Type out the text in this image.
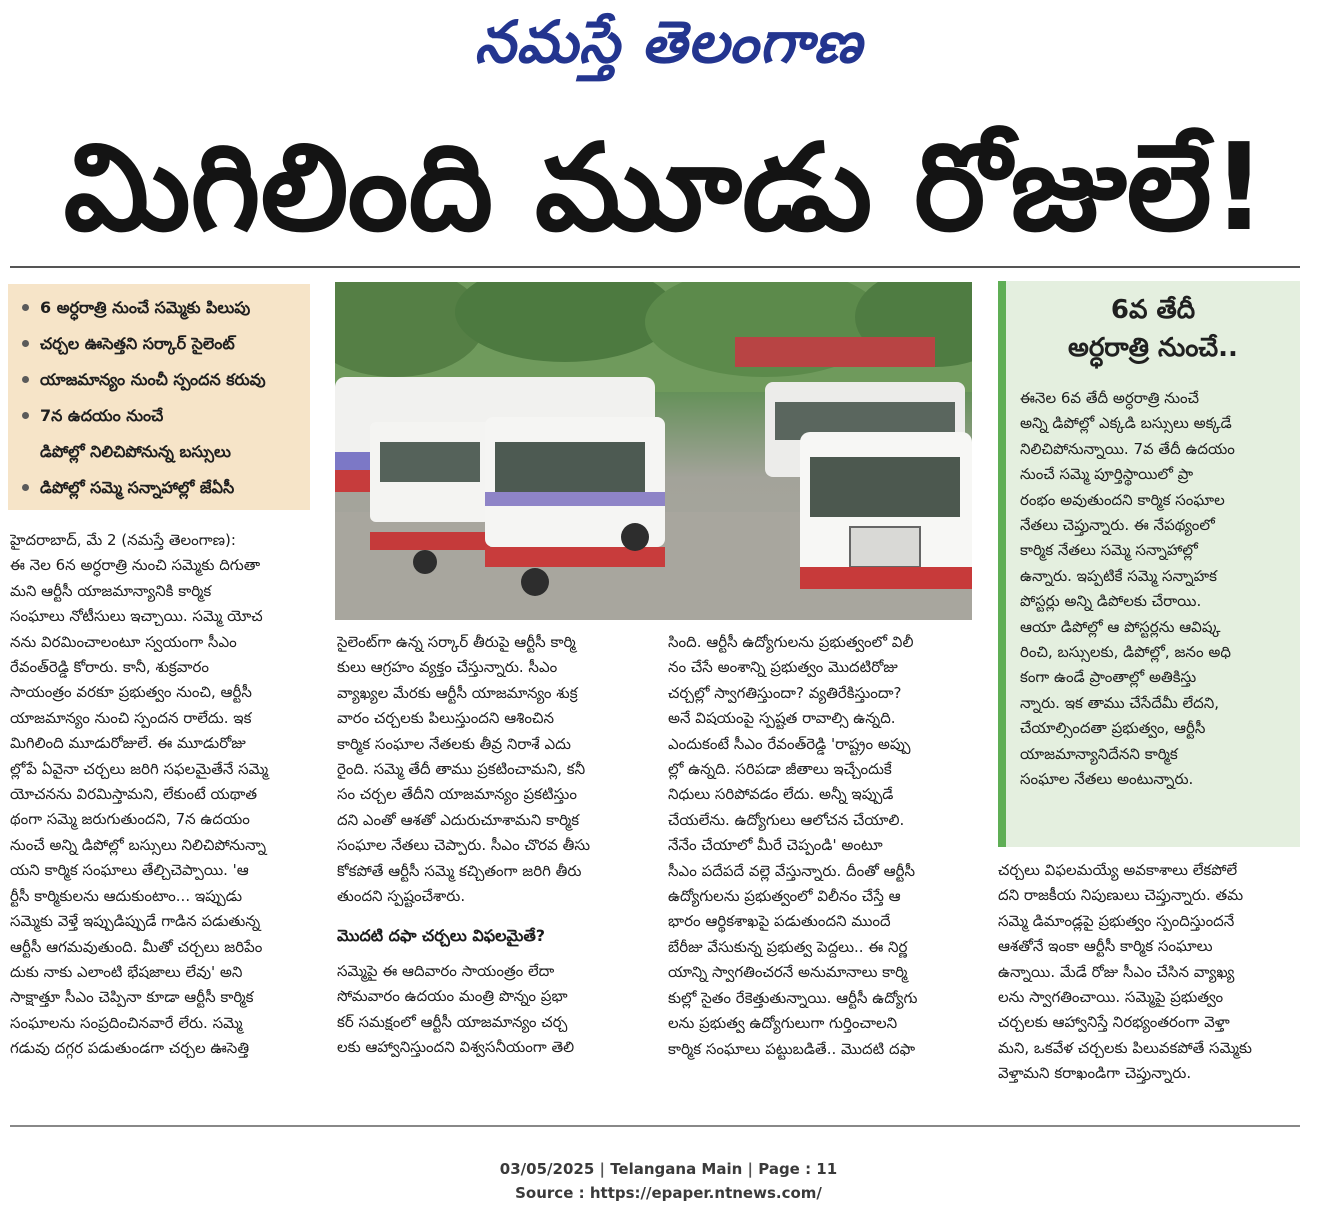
నమస్తే తెలంగాణ
మిగిలింది మూడు రోజులే!
6 అర్ధరాత్రి నుంచే సమ్మెకు పిలుపు
చర్చల ఊసెత్తని సర్కార్ సైలెంట్
యాజమాన్యం నుంచీ స్పందన కరువు
7న ఉదయం నుంచే
డిపోల్లో నిలిచిపోనున్న బస్సులు
డిపోల్లో సమ్మె సన్నాహాల్లో జేఏసీ

హైదరాబాద్, మే 2 (నమస్తే తెలంగాణ):

ఈ నెల 6న అర్ధరాత్రి నుంచి సమ్మెకు దిగుతా

మని ఆర్టీసీ యాజమాన్యానికి కార్మిక

సంఘాలు నోటీసులు ఇచ్చాయి. సమ్మె యోచ

నను విరమించాలంటూ స్వయంగా సీఎం

రేవంత్‌రెడ్డి కోరారు. కానీ, శుక్రవారం

సాయంత్రం వరకూ ప్రభుత్వం నుంచి, ఆర్టీసీ

యాజమాన్యం నుంచి స్పందన రాలేదు. ఇక

మిగిలింది మూడురోజులే. ఈ మూడురోజు

ల్లోపే ఏవైనా చర్చలు జరిగి సఫలమైతేనే సమ్మె

యోచనను విరమిస్తామని, లేకుంటే యథాత

థంగా సమ్మె జరుగుతుందని, 7న ఉదయం

నుంచే అన్ని డిపోల్లో బస్సులు నిలిచిపోనున్నా

యని కార్మిక సంఘాలు తేల్చిచెప్పాయి. 'ఆ

ర్టీసీ కార్మికులను ఆదుకుంటాం... ఇప్పుడు

సమ్మెకు వెళ్తే ఇప్పుడిప్పుడే గాడిన పడుతున్న

ఆర్టీసీ ఆగమవుతుంది. మీతో చర్చలు జరిపేం

దుకు నాకు ఎలాంటి భేషజాలు లేవు' అని

సాక్షాత్తూ సీఎం చెప్పినా కూడా ఆర్టీసీ కార్మిక

సంఘాలను సంప్రదించినవారే లేరు. సమ్మె

గడువు దగ్గర పడుతుండగా చర్చల ఊసెత్తి

సైలెంట్‌గా ఉన్న సర్కార్ తీరుపై ఆర్టీసీ కార్మి

కులు ఆగ్రహం వ్యక్తం చేస్తున్నారు. సీఎం

వ్యాఖ్యల మేరకు ఆర్టీసీ యాజమాన్యం శుక్ర

వారం చర్చలకు పిలుస్తుందని ఆశించిన

కార్మిక సంఘాల నేతలకు తీవ్ర నిరాశే ఎదు

రైంది. సమ్మె తేదీ తాము ప్రకటించామని, కనీ

సం చర్చల తేదీని యాజమాన్యం ప్రకటిస్తుం

దని ఎంతో ఆశతో ఎదురుచూశామని కార్మిక

సంఘాల నేతలు చెప్పారు. సీఎం చొరవ తీసు

కోకపోతే ఆర్టీసీ సమ్మె కచ్చితంగా జరిగి తీరు

తుందని స్పష్టంచేశారు.

మొదటి దఫా చర్చలు విఫలమైతే?

సమ్మెపై ఈ ఆదివారం సాయంత్రం లేదా

సోమవారం ఉదయం మంత్రి పొన్నం ప్రభా

కర్ సమక్షంలో ఆర్టీసీ యాజమాన్యం చర్చ

లకు ఆహ్వానిస్తుందని విశ్వసనీయంగా తెలి

సింది. ఆర్టీసీ ఉద్యోగులను ప్రభుత్వంలో విలీ

నం చేసే అంశాన్ని ప్రభుత్వం మొదటిరోజు

చర్చల్లో స్వాగతిస్తుందా? వ్యతిరేకిస్తుందా?

అనే విషయంపై స్పష్టత రావాల్సి ఉన్నది.

ఎందుకంటే సీఎం రేవంత్‌రెడ్డి 'రాష్ట్రం అప్పు

ల్లో ఉన్నది. సరిపడా జీతాలు ఇచ్చేందుకే

నిధులు సరిపోవడం లేదు. అన్నీ ఇప్పుడే

చేయలేను. ఉద్యోగులు ఆలోచన చేయాలి.

నేనేం చేయాలో మీరే చెప్పండి' అంటూ

సీఎం పదేపదే వల్లె వేస్తున్నారు. దీంతో ఆర్టీసీ

ఉద్యోగులను ప్రభుత్వంలో విలీనం చేస్తే ఆ

భారం ఆర్థికశాఖపై పడుతుందని ముందే

బేరీజు వేసుకున్న ప్రభుత్వ పెద్దలు.. ఈ నిర్ణ

యాన్ని స్వాగతించరనే అనుమానాలు కార్మి

కుల్లో సైతం రేకెత్తుతున్నాయి. ఆర్టీసీ ఉద్యోగు

లను ప్రభుత్వ ఉద్యోగులుగా గుర్తించాలని

కార్మిక సంఘాలు పట్టుబడితే.. మొదటి దఫా

6వ తేదీ
అర్ధరాత్రి నుంచే..

ఈనెల 6వ తేదీ అర్ధరాత్రి నుంచే

అన్ని డిపోల్లో ఎక్కడి బస్సులు అక్కడే

నిలిచిపోనున్నాయి. 7వ తేదీ ఉదయం

నుంచే సమ్మె పూర్తిస్థాయిలో ప్రా

రంభం అవుతుందని కార్మిక సంఘాల

నేతలు చెప్తున్నారు. ఈ నేపథ్యంలో

కార్మిక నేతలు సమ్మె సన్నాహాల్లో

ఉన్నారు. ఇప్పటికే సమ్మె సన్నాహక

పోస్టర్లు అన్ని డిపోలకు చేరాయి.

ఆయా డిపోల్లో ఆ పోస్టర్లను ఆవిష్క

రించి, బస్సులకు, డిపోల్లో, జనం అధి

కంగా ఉండే ప్రాంతాల్లో అతికిస్తు

న్నారు. ఇక తాము చేసేదేమీ లేదని,

చేయాల్సిందతా ప్రభుత్వం, ఆర్టీసీ

యాజమాన్యానిదేనని కార్మిక

సంఘాల నేతలు అంటున్నారు.

చర్చలు విఫలమయ్యే అవకాశాలు లేకపోలే

దని రాజకీయ నిపుణులు చెప్తున్నారు. తమ

సమ్మె డిమాండ్లపై ప్రభుత్వం స్పందిస్తుందనే

ఆశతోనే ఇంకా ఆర్టీసీ కార్మిక సంఘాలు

ఉన్నాయి. మేడే రోజు సీఎం చేసిన వ్యాఖ్య

లను స్వాగతించాయి. సమ్మెపై ప్రభుత్వం

చర్చలకు ఆహ్వానిస్తే నిరభ్యంతరంగా వెళ్తా

మని, ఒకవేళ చర్చలకు పిలువకపోతే సమ్మెకు

వెళ్తామని కరాఖండిగా చెప్తున్నారు.

03/05/2025 | Telangana Main | Page : 11
Source : https://epaper.ntnews.com/
